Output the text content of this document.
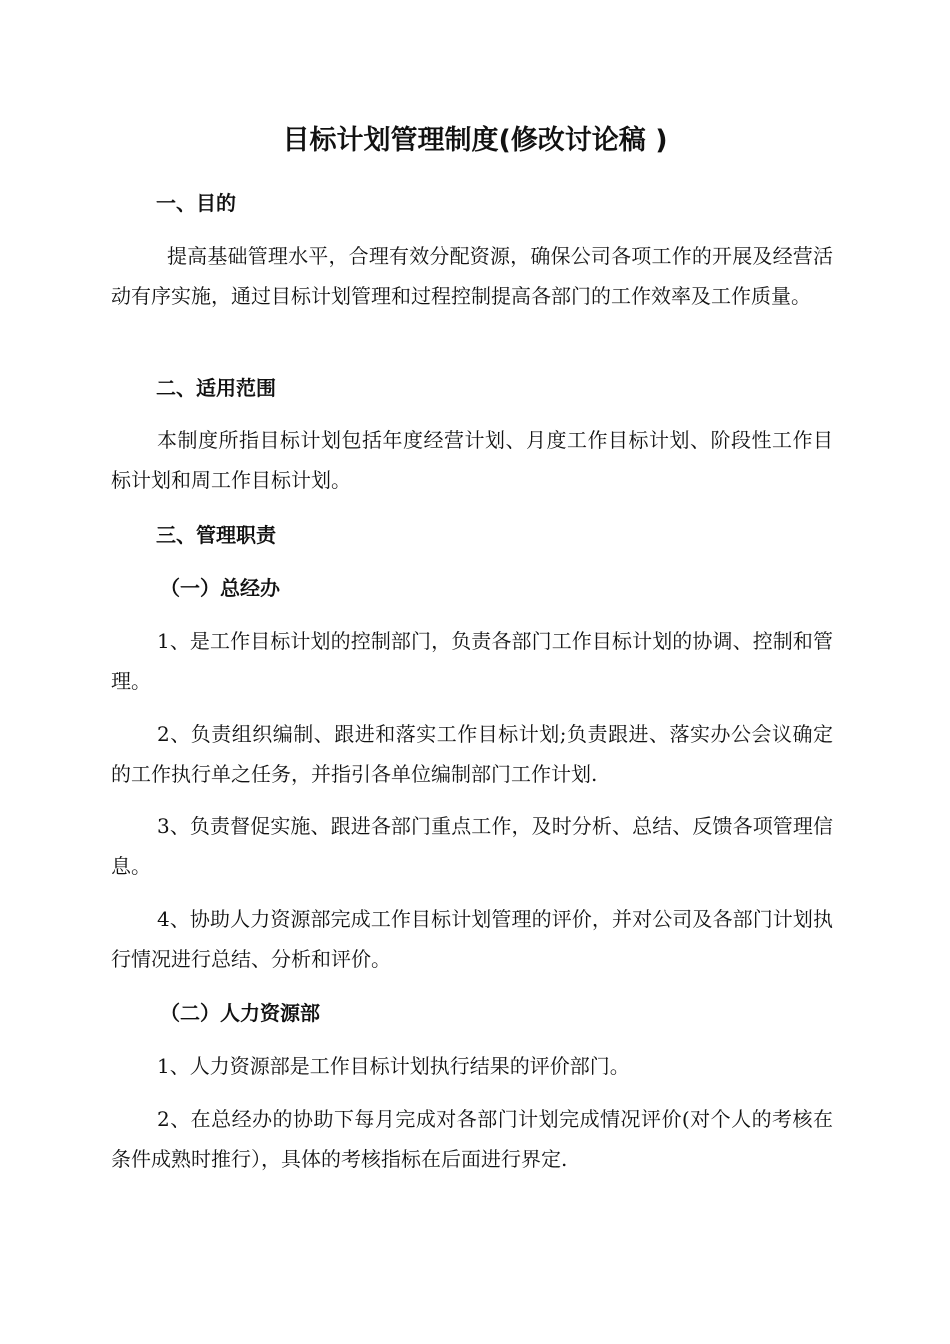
目标计划管理制度(修改讨论稿 )
一、目的

提高基础管理水平，合理有效分配资源，确保公司各项工作的开展及经营活动有序实施，通过目标计划管理和过程控制提高各部门的工作效率及工作质量。

二、适用范围

本制度所指目标计划包括年度经营计划、月度工作目标计划、阶段性工作目标计划和周工作目标计划。

三、管理职责
（一）总经办

1、是工作目标计划的控制部门，负责各部门工作目标计划的协调、控制和管理。

2、负责组织编制、跟进和落实工作目标计划;负责跟进、落实办公会议确定的工作执行单之任务，并指引各单位编制部门工作计划.

3、负责督促实施、跟进各部门重点工作，及时分析、总结、反馈各项管理信息。

4、协助人力资源部完成工作目标计划管理的评价，并对公司及各部门计划执行情况进行总结、分析和评价。

（二）人力资源部

1、人力资源部是工作目标计划执行结果的评价部门。

2、在总经办的协助下每月完成对各部门计划完成情况评价(对个人的考核在条件成熟时推行），具体的考核指标在后面进行界定.
